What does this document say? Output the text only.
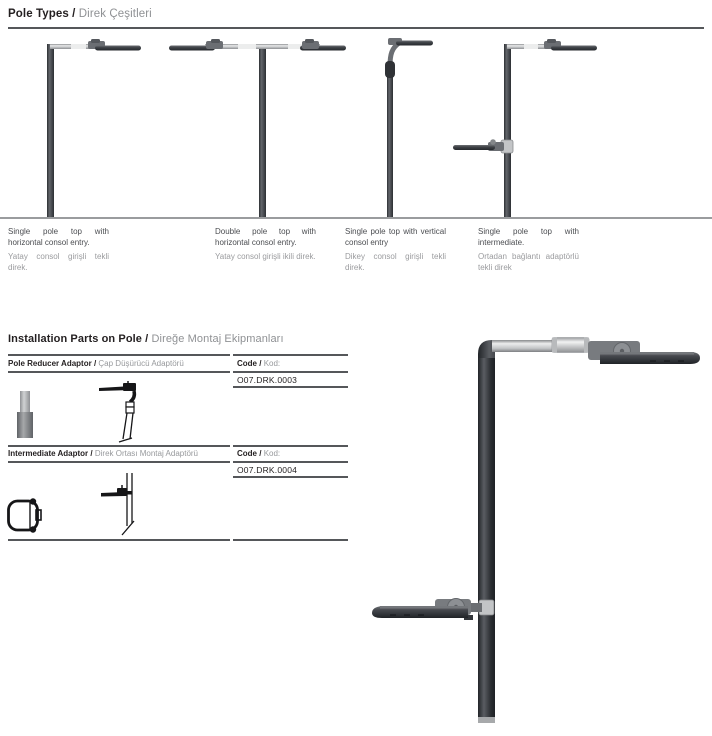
Pole Types / Direk Çeşitleri

Single pole top with horizontal consol entry.

Yatay consol girişli tekli direk.

Double pole top with horizontal consol entry.

Yatay consol girişli ikili direk.

Single pole top with vertical consol entry

Dikey consol girişli tekli direk.

Single pole top with intermediate.

Ortadan bağlantı adaptörlü tekli direk

Installation Parts on Pole / Direğe Montaj Ekipmanları
Pole Reducer Adaptor / Çap Düşürücü Adaptörü	Code / Kod:
O07.DRK.0003
Intermediate Adaptor / Direk Ortası Montaj Adaptörü	Code / Kod:
O07.DRK.0004
